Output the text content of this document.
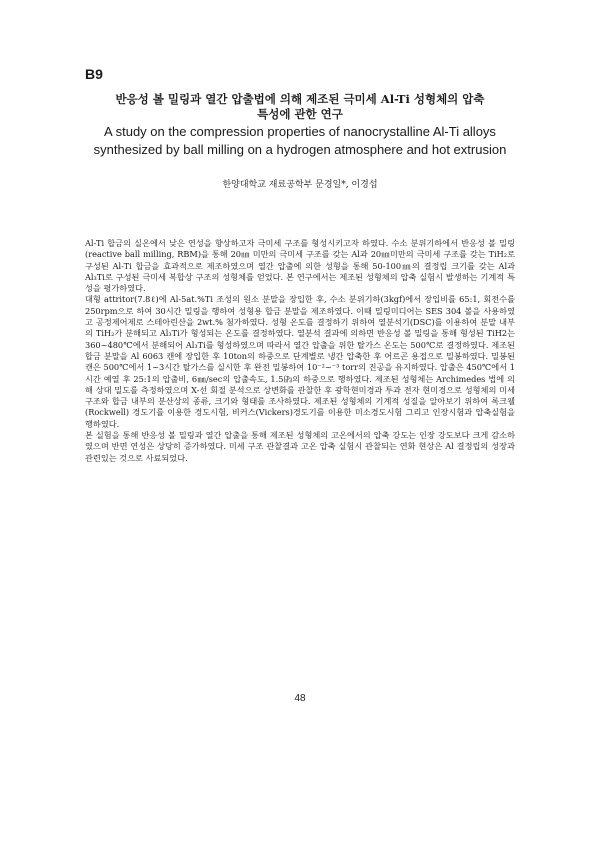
B9
반응성 볼 밀링과 열간 압출법에 의해 제조된 극미세 Al-Ti 성형체의 압축
특성에 관한 연구
A study on the compression properties of nanocrystalline Al-Ti alloys
synthesized by ball milling on a hydrogen atmosphere and hot extrusion
한양대학교 재료공학부 문경일*, 이경섭

Al-Ti 합금의 실온에서 낮은 연성을 향상하고자 극미세 구조를 형성시키고자 하였다. 수소 분위기하에서 반응성 볼 밀링(reactive ball milling, RBM)을 통해 20㎚ 미만의 극미세 구조를 갖는 Al과 20㎚미만의 극미세 구조를 갖는 TiH₂로 구성된 Al-Ti 합금을 효과적으로 제조하였으며 열간 압출에 의한 성형을 통해 50-100㎚의 결정립 크기를 갖는 Al과 Al₃Ti로 구성된 극미세 복합상 구조의 성형체를 얻었다. 본 연구에서는 제조된 성형체의 압축 실험시 발생하는 기계적 특성을 평가하였다.

대형 attritor(7.8ℓ)에 Al-5at.%Ti 조성의 원소 분말을 장입한 후, 수소 분위기하(3kgf)에서 장입비를 65:1, 회전수를 250rpm으로 하여 30시간 밀링을 행하여 성형용 합금 분말을 제조하였다. 이때 밀링미디어는 SES 304 볼을 사용하였고 공정제어제로 스테아린산을 2wt.% 첨가하였다. 성형 온도를 결정하기 위하여 열분석기(DSC)를 이용하여 분말 내부의 TiH₂가 분해되고 Al₃Ti가 형성되는 온도를 결정하였다. 열분석 결과에 의하면 반응성 볼 밀링을 통해 형성된 TiH2는 360~480℃에서 분해되어 Al₃Ti를 형성하였으며 따라서 열간 압출을 위한 탈가스 온도는 500℃로 결정하였다. 제조된 합금 분말을 Al 6063 캔에 장입한 후 10ton의 하중으로 단계별로 냉간 압축한 후 어르곤 용접으로 밀봉하였다. 밀봉된 캔은 500℃에서 1~3시간 탈가스를 실시한 후 완전 밀봉하여 10⁻²~⁻³ torr의 진공을 유지하였다. 압출은 450℃에서 1시간 예열 후 25:1의 압출비, 6㎜/sec의 압출속도, 1.5㎬의 하중으로 행하였다. 제조된 성형체는 Archimedes 법에 의해 상대 밀도를 측정하였으며 X-선 회절 분석으로 상변화를 관찰한 후 광학현미경과 투과 전자 현미경으로 성형체의 미세 구조와 합금 내부의 분산상의 종류, 크기와 형태를 조사하였다. 제조된 성형체의 기계적 성질을 알아보기 위하여 록크웰(Rockwell) 경도기를 이용한 경도시험, 비커스(Vickers)경도기를 이용한 미소경도시험 그리고 인장시험과 압축실험을 행하였다.

본 실험을 통해 반응성 볼 밀링과 열간 압출을 통해 제조된 성형체의 고온에서의 압축 강도는 인장 강도보다 크게 감소하였으며 반면 연성은 상당히 증가하였다. 미세 구조 관찰결과 고온 압축 실험시 관찰되는 연화 현상은 Al 결정립의 성장과 관련있는 것으로 사료되었다.

48
